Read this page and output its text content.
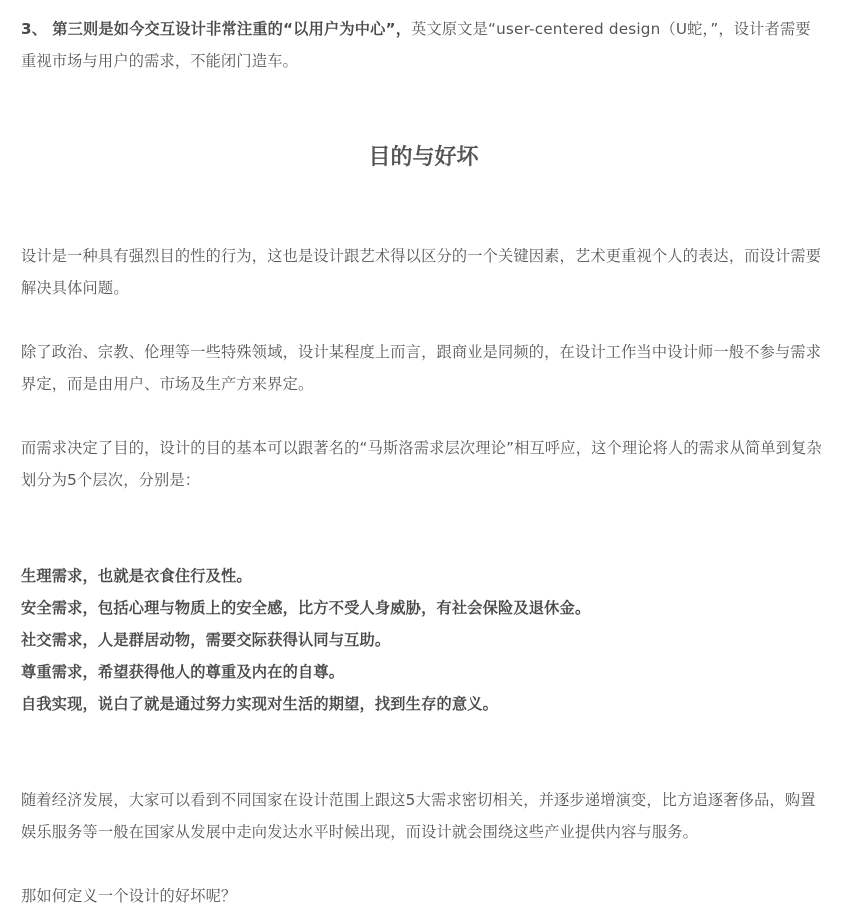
3、 第三则是如今交互设计非常注重的“以用户为中心”，英文原文是“user-centered design（U蛇，”，设计者需要重视市场与用户的需求，不能闭门造车。

目的与好坏

设计是一种具有强烈目的性的行为，这也是设计跟艺术得以区分的一个关键因素，艺术更重视个人的表达，而设计需要解决具体问题。

除了政治、宗教、伦理等一些特殊领域，设计某程度上而言，跟商业是同频的，在设计工作当中设计师一般不参与需求界定，而是由用户、市场及生产方来界定。

而需求决定了目的，设计的目的基本可以跟著名的“马斯洛需求层次理论”相互呼应，这个理论将人的需求从简单到复杂划分为5个层次，分别是：

生理需求，也就是衣食住行及性。
安全需求，包括心理与物质上的安全感，比方不受人身威胁，有社会保险及退休金。
社交需求，人是群居动物，需要交际获得认同与互助。
尊重需求，希望获得他人的尊重及内在的自尊。
自我实现，说白了就是通过努力实现对生活的期望，找到生存的意义。

随着经济发展，大家可以看到不同国家在设计范围上跟这5大需求密切相关，并逐步递增演变，比方追逐奢侈品，购置娱乐服务等一般在国家从发展中走向发达水平时候出现，而设计就会围绕这些产业提供内容与服务。

那如何定义一个设计的好坏呢？
